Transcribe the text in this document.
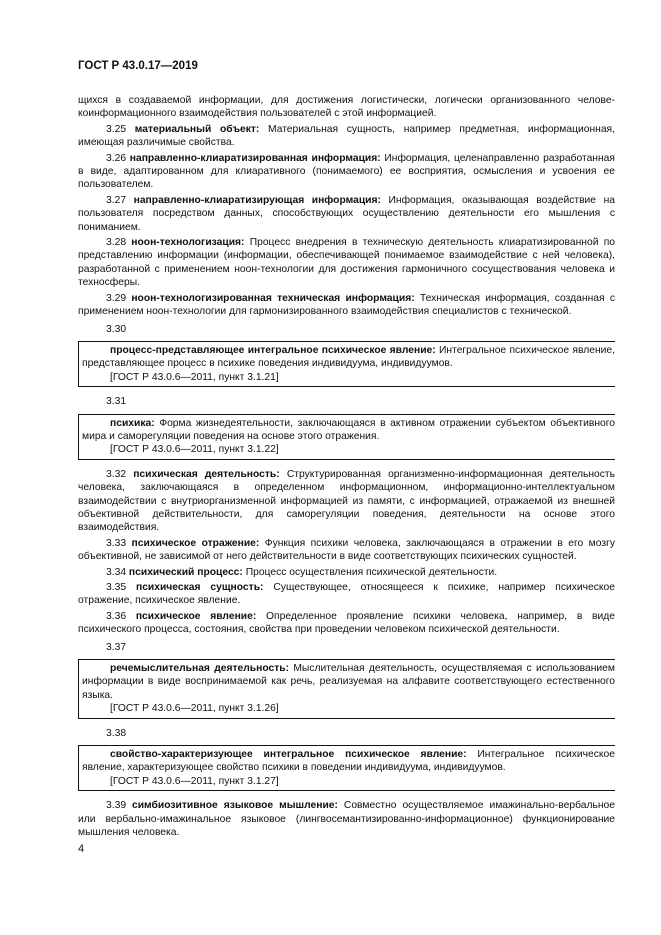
ГОСТ Р 43.0.17—2019

щихся в создаваемой информации, для достижения логистически, логически организованного челове-коинформационного взаимодействия пользователей с этой информацией.

3.25 материальный объект: Материальная сущность, например предметная, информационная, имеющая различимые свойства.

3.26 направленно-клиаратизированная информация: Информация, целенаправленно разработанная в виде, адаптированном для клиаративного (понимаемого) ее восприятия, осмысления и усвоения ее пользователем.

3.27 направленно-клиаратизирующая информация: Информация, оказывающая воздействие на пользователя посредством данных, способствующих осуществлению деятельности его мышления с пониманием.

3.28 ноон-технологизация: Процесс внедрения в техническую деятельность клиаратизированной по представлению информации (информации, обеспечивающей понимаемое взаимодействие с ней человека), разработанной с применением ноон-технологии для достижения гармоничного сосуществования человека и техносферы.

3.29 ноон-технологизированная техническая информация: Техническая информация, созданная с применением ноон-технологии для гармонизированного взаимодействия специалистов с технической.

3.30

процесс-представляющее интегральное психическое явление: Интегральное психическое явление, представляющее процесс в психике поведения индивидуума, индивидуумов.

[ГОСТ Р 43.0.6—2011, пункт 3.1.21]

3.31

психика: Форма жизнедеятельности, заключающаяся в активном отражении субъектом объективного мира и саморегуляции поведения на основе этого отражения.

[ГОСТ Р 43.0.6—2011, пункт 3.1.22]

3.32 психическая деятельность: Структурированная организменно-информационная деятельность человека, заключающаяся в определенном информационном, информационно-интеллектуальном взаимодействии с внутриорганизменной информацией из памяти, с информацией, отражаемой из внешней объективной действительности, для саморегуляции поведения, деятельности на основе этого взаимодействия.

3.33 психическое отражение: Функция психики человека, заключающаяся в отражении в его мозгу объективной, не зависимой от него действительности в виде соответствующих психических сущностей.

3.34 психический процесс: Процесс осуществления психической деятельности.

3.35 психическая сущность: Существующее, относящееся к психике, например психическое отражение, психическое явление.

3.36 психическое явление: Определенное проявление психики человека, например, в виде психического процесса, состояния, свойства при проведении человеком психической деятельности.

3.37

речемыслительная деятельность: Мыслительная деятельность, осуществляемая с использованием информации в виде воспринимаемой как речь, реализуемая на алфавите соответствующего естественного языка.

[ГОСТ Р 43.0.6—2011, пункт 3.1.26]

3.38

свойство-характеризующее интегральное психическое явление: Интегральное психическое явление, характеризующее свойство психики в поведении индивидуума, индивидуумов.

[ГОСТ Р 43.0.6—2011, пункт 3.1.27]

3.39 симбиозитивное языковое мышление: Совместно осуществляемое имажинально-вербальное или вербально-имажинальное языковое (лингвосемантизированно-информационное) функционирование мышления человека.

4
